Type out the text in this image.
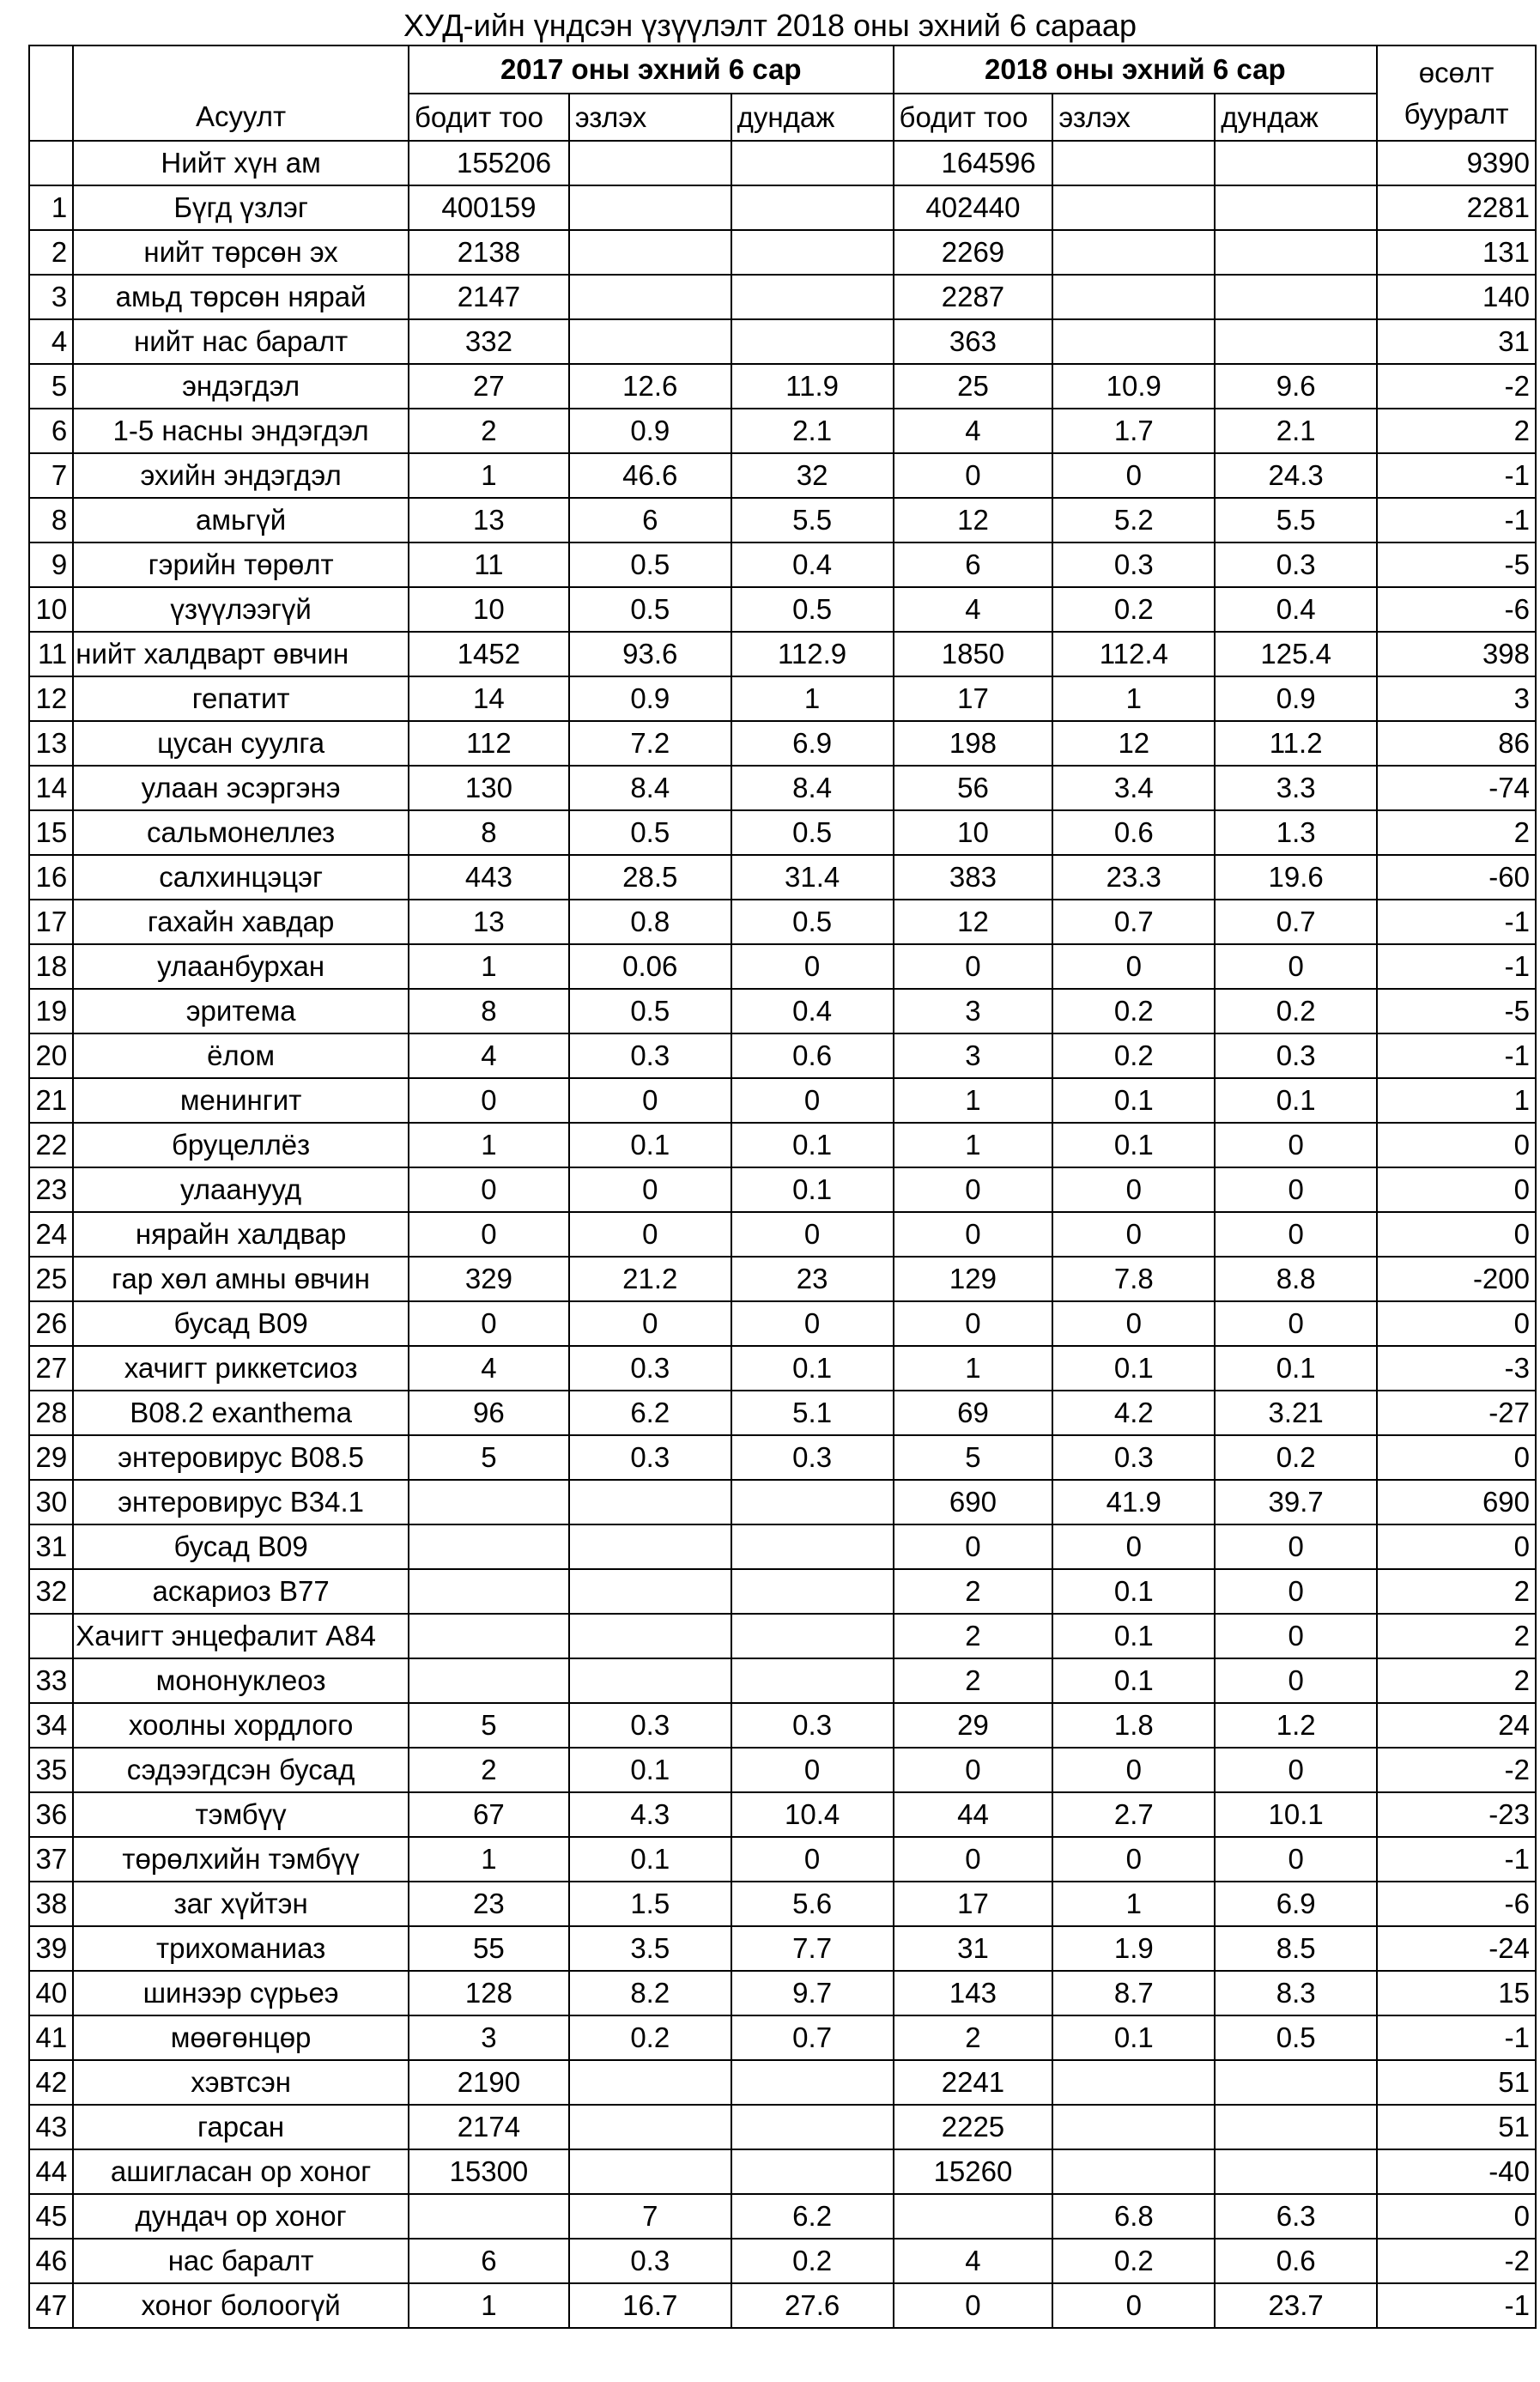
ХУД-ийн үндсэн үзүүлэлт 2018 оны эхний 6 сараар
	Асуулт	2017 оны эхний 6 сар			2018 оны эхний 6 сар			өсөлт
бууралт

		бодит тоо	эзлэх	дундаж	бодит тоо	эзлэх	дундаж	
	Нийт хүн ам	155206			164596			9390
1	Бүгд үзлэг	400159			402440			2281
2	нийт төрсөн эх	2138			2269			131
3	амьд төрсөн нярай	2147			2287			140
4	нийт нас баралт	332			363			31
5	эндэгдэл	27	12.6	11.9	25	10.9	9.6	-2
6	1-5 насны эндэгдэл	2	0.9	2.1	4	1.7	2.1	2
7	эхийн эндэгдэл	1	46.6	32	0	0	24.3	-1
8	амьгүй	13	6	5.5	12	5.2	5.5	-1
9	гэрийн төрөлт	11	0.5	0.4	6	0.3	0.3	-5
10	үзүүлээгүй	10	0.5	0.5	4	0.2	0.4	-6
11	нийт халдварт өвчин	1452	93.6	112.9	1850	112.4	125.4	398
12	гепатит	14	0.9	1	17	1	0.9	3
13	цусан суулга	112	7.2	6.9	198	12	11.2	86
14	улаан эсэргэнэ	130	8.4	8.4	56	3.4	3.3	-74
15	сальмонеллез	8	0.5	0.5	10	0.6	1.3	2
16	салхинцэцэг	443	28.5	31.4	383	23.3	19.6	-60
17	гахайн хавдар	13	0.8	0.5	12	0.7	0.7	-1
18	улаанбурхан	1	0.06	0	0	0	0	-1
19	эритема	8	0.5	0.4	3	0.2	0.2	-5
20	ёлом	4	0.3	0.6	3	0.2	0.3	-1
21	менингит	0	0	0	1	0.1	0.1	1
22	бруцеллёз	1	0.1	0.1	1	0.1	0	0
23	улаанууд	0	0	0.1	0	0	0	0
24	нярайн халдвар	0	0	0	0	0	0	0
25	гар хөл амны өвчин	329	21.2	23	129	7.8	8.8	-200
26	бусад B09	0	0	0	0	0	0	0
27	хачигт риккетсиоз	4	0.3	0.1	1	0.1	0.1	-3
28	B08.2 exanthema	96	6.2	5.1	69	4.2	3.21	-27
29	энтеровирус B08.5	5	0.3	0.3	5	0.3	0.2	0
30	энтеровирус B34.1				690	41.9	39.7	690
31	бусад B09				0	0	0	0
32	аскариоз B77				2	0.1	0	2
	Хачигт энцефалит A84				2	0.1	0	2
33	мононуклеоз				2	0.1	0	2
34	хоолны хордлого	5	0.3	0.3	29	1.8	1.2	24
35	сэдээгдсэн бусад	2	0.1	0	0	0	0	-2
36	тэмбүү	67	4.3	10.4	44	2.7	10.1	-23
37	төрөлхийн тэмбүү	1	0.1	0	0	0	0	-1
38	заг хүйтэн	23	1.5	5.6	17	1	6.9	-6
39	трихоманиаз	55	3.5	7.7	31	1.9	8.5	-24
40	шинээр сүрьеэ	128	8.2	9.7	143	8.7	8.3	15
41	мөөгөнцөр	3	0.2	0.7	2	0.1	0.5	-1
42	хэвтсэн	2190			2241			51
43	гарсан	2174			2225			51
44	ашигласан ор хоног	15300			15260			-40
45	дундач ор хоног		7	6.2		6.8	6.3	0
46	нас баралт	6	0.3	0.2	4	0.2	0.6	-2
47	хоног болоогүй	1	16.7	27.6	0	0	23.7	-1
